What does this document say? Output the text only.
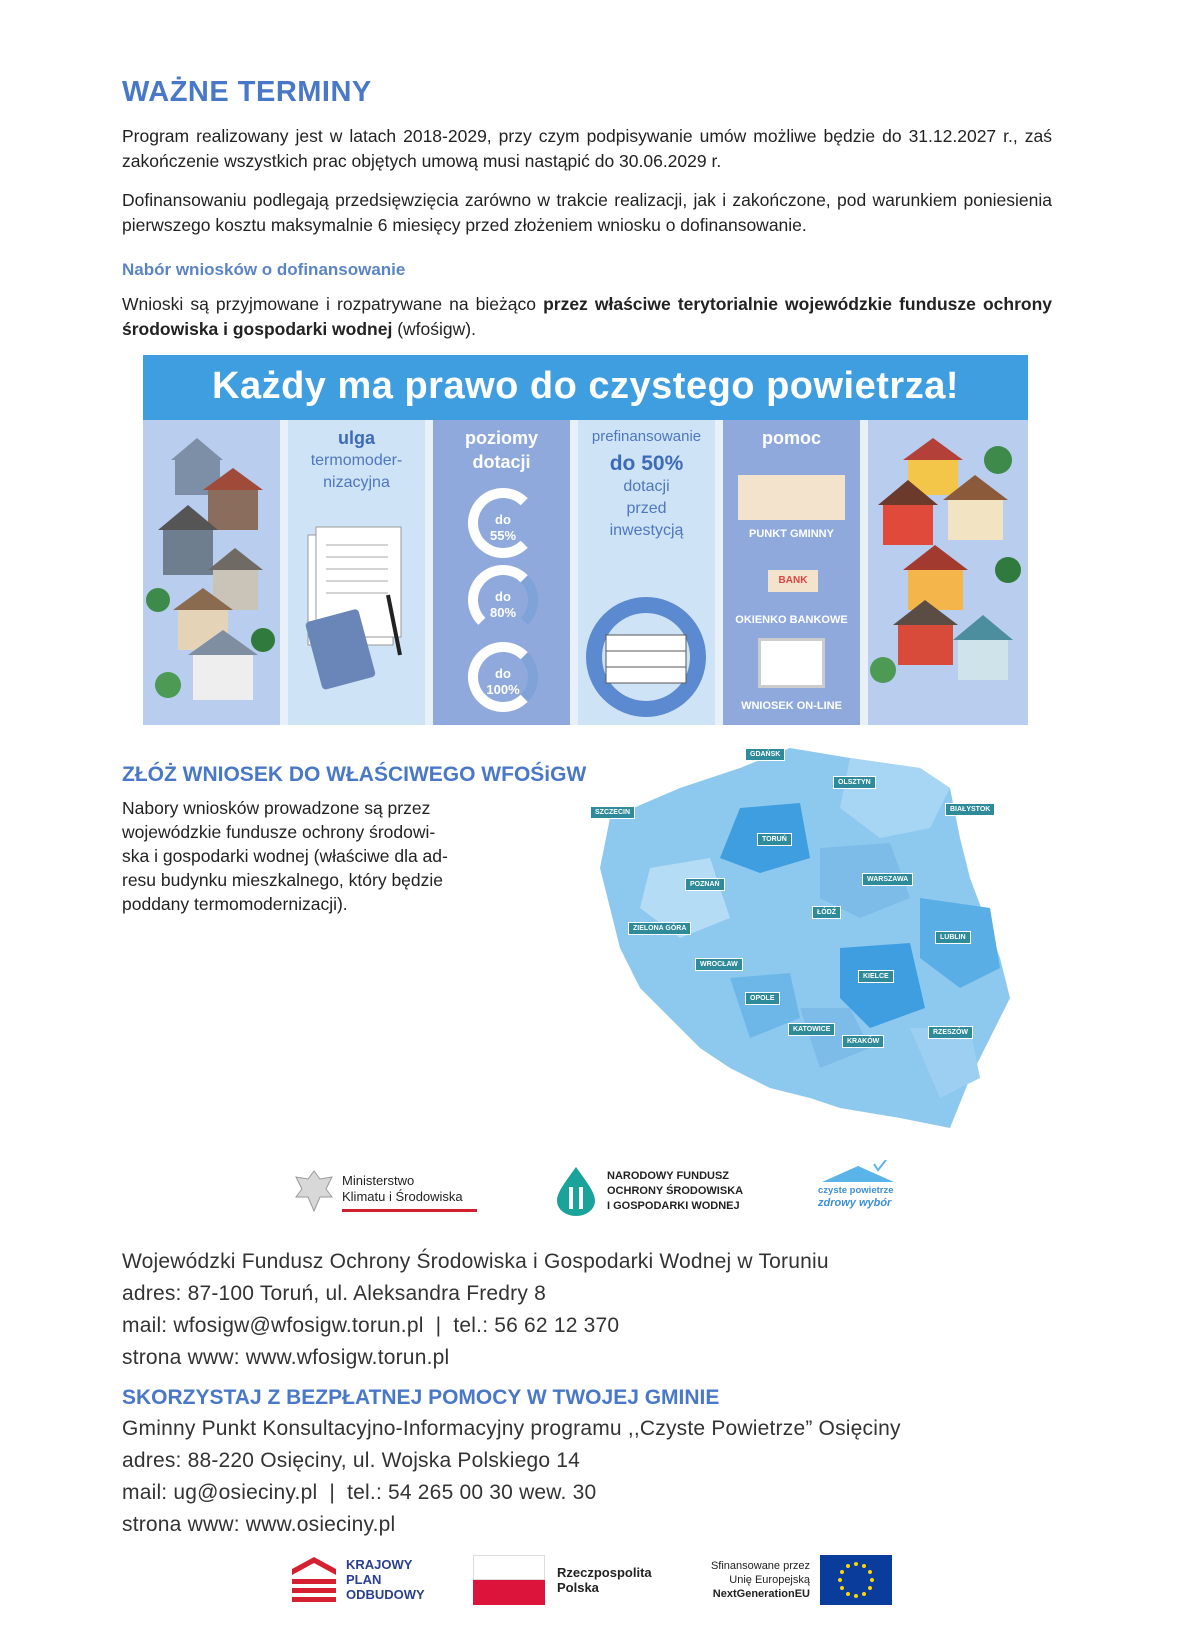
WAŻNE TERMINY

Program realizowany jest w latach 2018-2029, przy czym podpisywanie umów możliwe będzie do 31.12.2027 r., zaś zakończenie wszystkich prac objętych umową musi nastąpić do 30.06.2029 r.

Dofinansowaniu podlegają przedsięwzięcia zarówno w trakcie realizacji, jak i zakończone, pod warunkiem poniesienia pierwszego kosztu maksymalnie 6 miesięcy przed złożeniem wniosku o dofinansowanie.

Nabór wniosków o dofinansowanie

Wnioski są przyjmowane i rozpatrywane na bieżąco przez właściwe terytorialnie wojewódzkie fundusze ochrony środowiska i gospodarki wodnej (wfośigw).

Każdy ma prawo do czystego powietrza!
ulga
termomoder-
nizacyjna
poziomy
dotacji
do
55%
do
80%
do
100%
prefinansowanie
do 50%
dotacji
przed
inwestycją
pomoc
PUNKT GMINNY
BANK
OKIENKO BANKOWE
WNIOSEK ON-LINE
ZŁÓŻ WNIOSEK DO WŁAŚCIWEGO WFOŚiGW
Nabory wniosków prowadzone są przez
wojewódzkie fundusze ochrony środowi-
ska i gospodarki wodnej (właściwe dla ad-
resu budynku mieszkalnego, który będzie
poddany termomodernizacji).
GDAŃSK
OLSZTYN
SZCZECIN	BIAŁYSTOK
TORUŃ
POZNAŃ
WARSZAWA
ŁÓDŹ
ZIELONA GÓRA
LUBLIN
WROCŁAW
KIELCE
OPOLE
KATOWICE
KRAKÓW
RZESZÓW
Ministerstwo
Klimatu i Środowiska
NARODOWY FUNDUSZ
OCHRONY ŚRODOWISKA
I GOSPODARKI WODNEJ
czyste powietrze
zdrowy wybór
Wojewódzki Fundusz Ochrony Środowiska i Gospodarki Wodnej w Toruniu
adres: 87-100 Toruń, ul. Aleksandra Fredry 8
mail: wfosigw@wfosigw.torun.pl  |  tel.: 56 62 12 370
strona www: www.wfosigw.torun.pl
SKORZYSTAJ Z BEZPŁATNEJ POMOCY W TWOJEJ GMINIE
Gminny Punkt Konsultacyjno-Informacyjny programu ,,Czyste Powietrze” Osięciny
adres: 88-220 Osięciny, ul. Wojska Polskiego 14
mail: ug@osieciny.pl  |  tel.: 54 265 00 30 wew. 30
strona www: www.osieciny.pl
KRAJOWY
PLAN
ODBUDOWY
Rzeczpospolita
Polska
Sfinansowane przez
Unię Europejską
NextGenerationEU
